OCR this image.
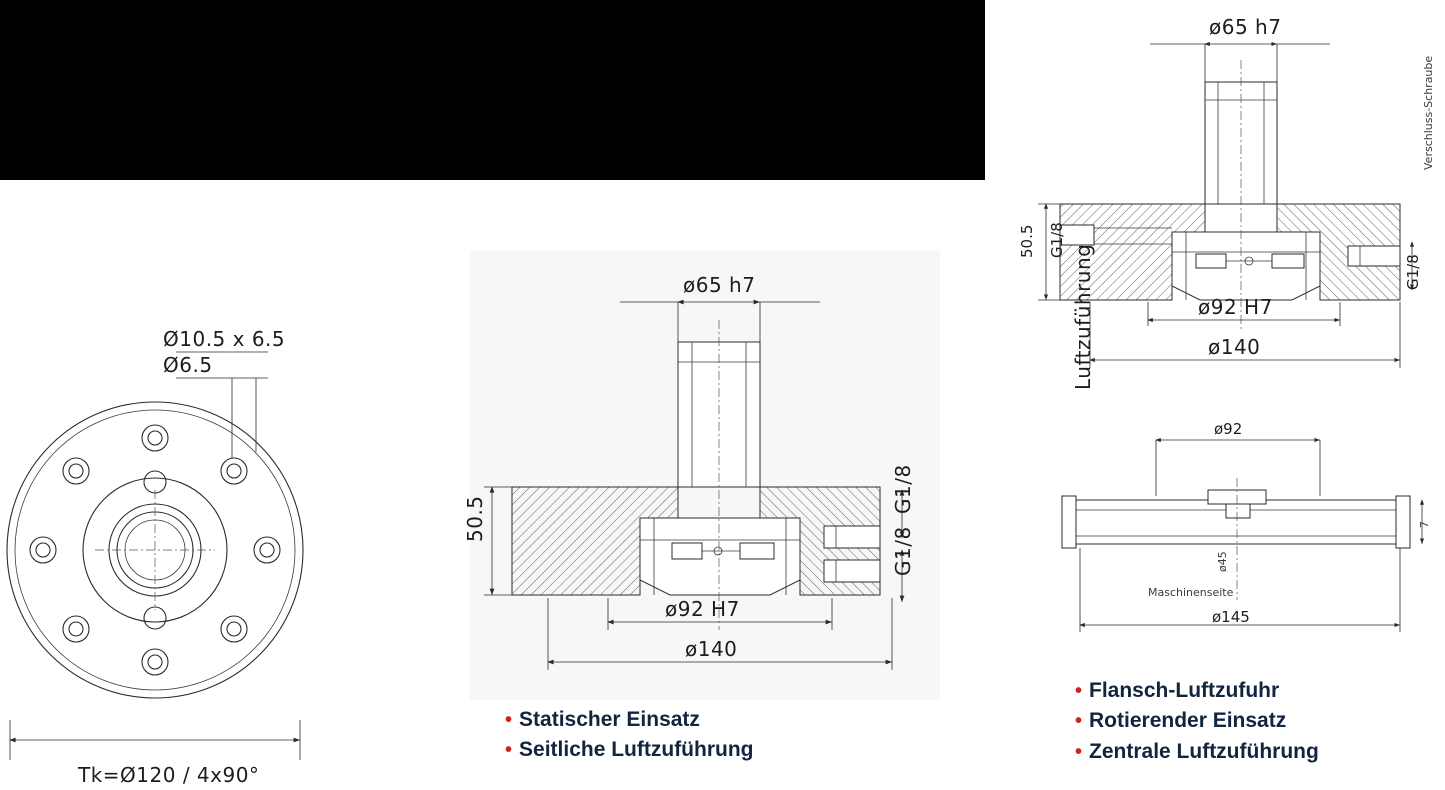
Ø10.5 x 6.5
Ø6.5
Tk=Ø120 / 4x90°
ø65 h7
ø92 H7
ø140
50.5
G1/8
G1/8
• Statischer Einsatz
• Seitliche Luftzuführung
ø65 h7
ø92 H7
ø140
50.5 G1/8
G1/8
Verschluss-Schraube
Luftzuführung
ø92
ø145
7
ø45
Maschinenseite
• Flansch-Luftzufuhr
• Rotierender Einsatz
• Zentrale Luftzuführung
